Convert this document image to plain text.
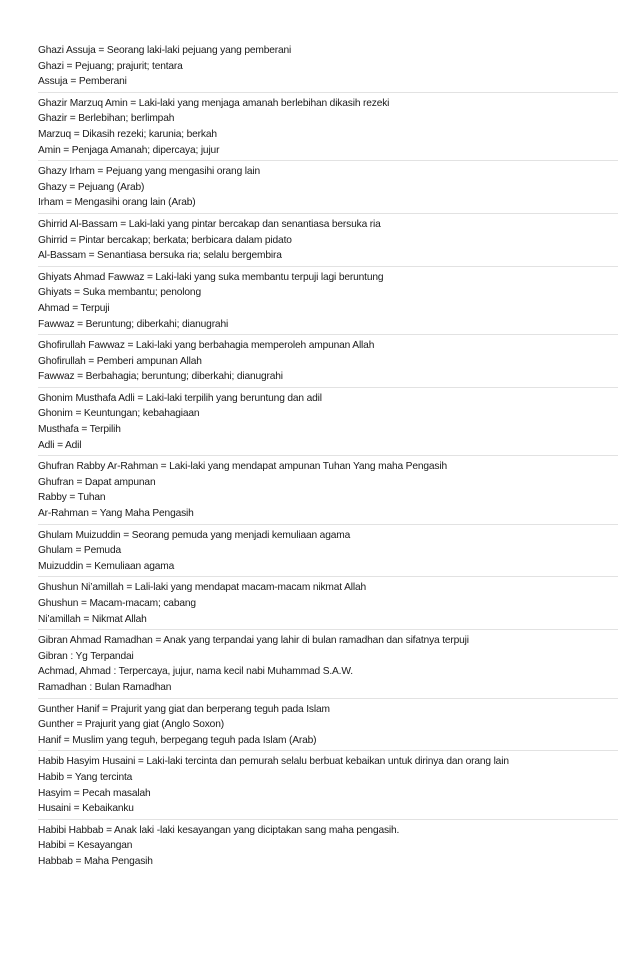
Ghazi Assuja = Seorang laki-laki pejuang yang pemberani
Ghazi = Pejuang; prajurit; tentara
Assuja = Pemberani
Ghazir Marzuq Amin = Laki-laki yang menjaga amanah berlebihan dikasih rezeki
Ghazir = Berlebihan; berlimpah
Marzuq = Dikasih rezeki; karunia; berkah
Amin = Penjaga Amanah; dipercaya; jujur
Ghazy Irham = Pejuang yang mengasihi orang lain
Ghazy = Pejuang (Arab)
Irham = Mengasihi orang lain (Arab)
Ghirrid Al-Bassam = Laki-laki yang pintar bercakap dan senantiasa bersuka ria
Ghirrid = Pintar bercakap; berkata; berbicara dalam pidato
Al-Bassam = Senantiasa bersuka ria; selalu bergembira
Ghiyats Ahmad Fawwaz = Laki-laki yang suka membantu terpuji lagi beruntung
Ghiyats = Suka membantu; penolong
Ahmad = Terpuji
Fawwaz = Beruntung; diberkahi; dianugrahi
Ghofirullah Fawwaz = Laki-laki yang berbahagia memperoleh ampunan Allah
Ghofirullah = Pemberi ampunan Allah
Fawwaz = Berbahagia; beruntung; diberkahi; dianugrahi
Ghonim Musthafa Adli = Laki-laki terpilih yang beruntung dan adil
Ghonim = Keuntungan; kebahagiaan
Musthafa = Terpilih
Adli = Adil
Ghufran Rabby Ar-Rahman = Laki-laki yang mendapat ampunan Tuhan Yang maha Pengasih
Ghufran = Dapat ampunan
Rabby = Tuhan
Ar-Rahman = Yang Maha Pengasih
Ghulam Muizuddin = Seorang pemuda yang menjadi kemuliaan agama
Ghulam = Pemuda
Muizuddin = Kemuliaan agama
Ghushun Ni’amillah = Lali-laki yang mendapat macam-macam nikmat Allah
Ghushun = Macam-macam; cabang
Ni’amillah = Nikmat Allah
Gibran Ahmad Ramadhan = Anak yang terpandai yang lahir di bulan ramadhan dan sifatnya terpuji
Gibran : Yg Terpandai
Achmad, Ahmad : Terpercaya, jujur, nama kecil nabi Muhammad S.A.W.
Ramadhan : Bulan Ramadhan
Gunther Hanif = Prajurit yang giat dan berperang teguh pada Islam
Gunther = Prajurit yang giat (Anglo Soxon)
Hanif = Muslim yang teguh, berpegang teguh pada Islam (Arab)
Habib Hasyim Husaini = Laki-laki tercinta dan pemurah selalu berbuat kebaikan untuk dirinya dan orang lain
Habib = Yang tercinta
Hasyim = Pecah masalah
Husaini = Kebaikanku
Habibi Habbab = Anak laki -laki kesayangan yang diciptakan sang maha pengasih.
Habibi = Kesayangan
Habbab = Maha Pengasih
